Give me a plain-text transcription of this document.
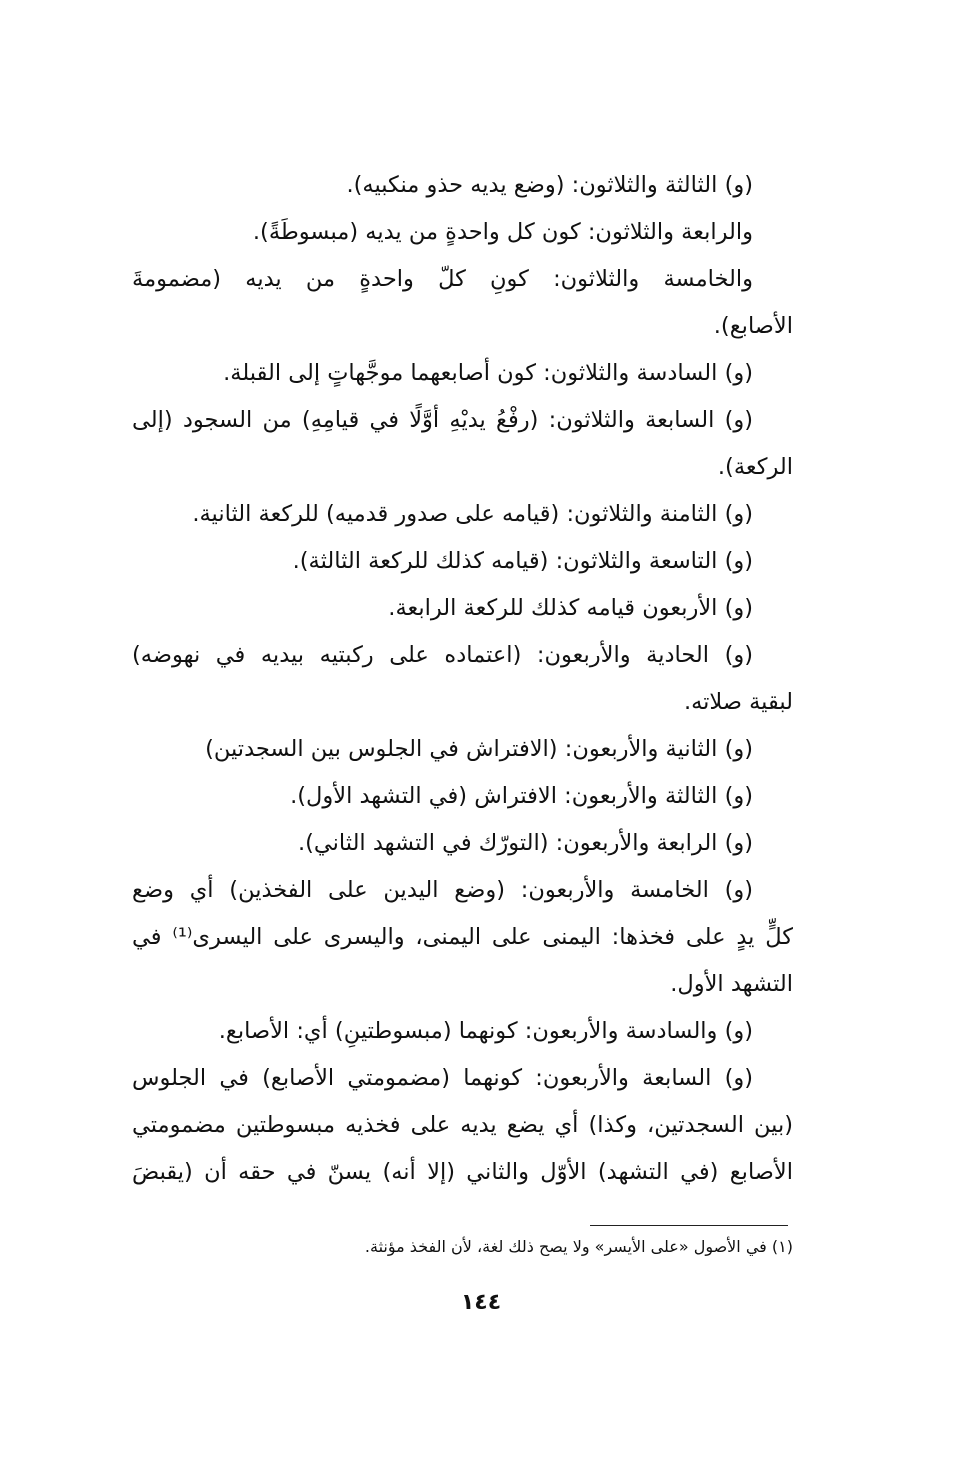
(و) الثالثة والثلاثون: (وضع يديه حذو منكبيه).
والرابعة والثلاثون: كون كل واحدةٍ من يديه (مبسوطَةً).
والخامسة والثلاثون: كونِ كلّ واحدةٍ من يديه (مضمومةَ
الأصابع).
(و) السادسة والثلاثون: كون أصابعهما موجَّهاتٍ إلى القبلة.
(و) السابعة والثلاثون: (رفْعُ يديْهِ أوَّلًا في قيامِهِ) من السجود (إلى
الركعة).
(و) الثامنة والثلاثون: (قيامه على صدور قدميه) للركعة الثانية.
(و) التاسعة والثلاثون: (قيامه كذلك للركعة الثالثة).
(و) الأربعون قيامه كذلك للركعة الرابعة.
(و) الحادية والأربعون: (اعتماده على ركبتيه بيديه في نهوضه)
لبقية صلاته.
(و) الثانية والأربعون: (الافتراش في الجلوس بين السجدتين)
(و) الثالثة والأربعون: الافتراش (في التشهد الأول).
(و) الرابعة والأربعون: (التورّك في التشهد الثاني).
(و) الخامسة والأربعون: (وضع اليدين على الفخذين) أي وضع
كلٍّ يدٍ على فخذها: اليمنى على اليمنى، واليسرى على اليسرى⁽¹⁾ في
التشهد الأول.
(و) والسادسة والأربعون: كونهما (مبسوطتينِ) أي: الأصابع.
(و) السابعة والأربعون: كونهما (مضمومتي الأصابع) في الجلوس
(بين السجدتين، وكذا) أي يضع يديه على فخذيه مبسوطتين مضمومتي
الأصابع (في التشهد) الأوّل والثاني (إلا أنه) يسنّ في حقه أن (يقبضَ
(١) في الأصول «على الأيسر» ولا يصح ذلك لغة، لأن الفخذ مؤنثة.
١٤٤
